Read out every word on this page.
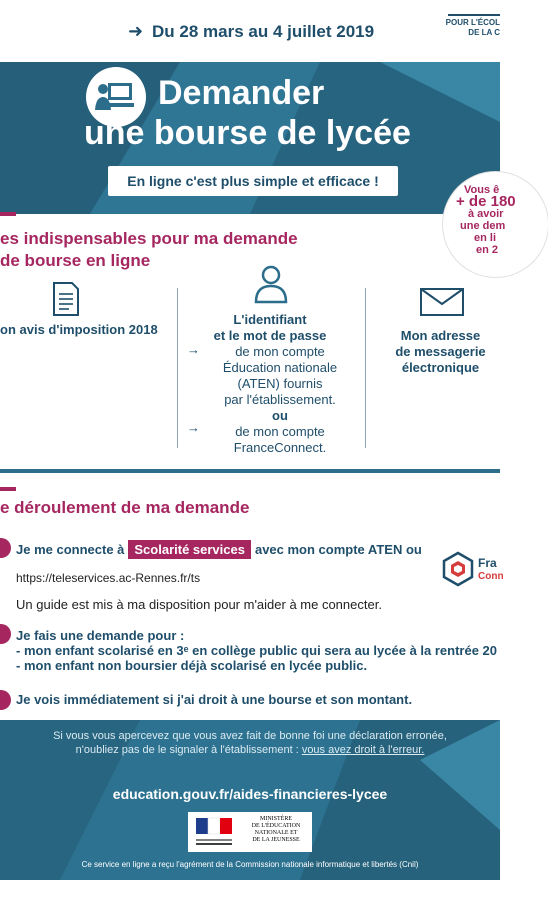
➜ Du 28 mars au 4 juillet 2019	POUR L'ÉCOL
DE LA C
Demander
une bourse de lycée
En ligne c'est plus simple et efficace !
Vous ê
+ de 180
à avoir
une dem
en li
en 2
es indispensables pour ma demande
de bourse en ligne
on avis d'imposition 2018
L'identifiant
et le mot de passe
→
→
de mon compte
Éducation nationale
(ATEN) fournis
par l'établissement.
ou
de mon compte
FranceConnect.
Mon adresse
de messagerie
électronique
e déroulement de ma demande
Je me connecte à Scolarité services avec mon compte ATEN ou
Fra
Conn
https://teleservices.ac-Rennes.fr/ts
Un guide est mis à ma disposition pour m'aider à me connecter.
Je fais une demande pour :
- mon enfant scolarisé en 3ᵉ en collège public qui sera au lycée à la rentrée 20
- mon enfant non boursier déjà scolarisé en lycée public.
Je vois immédiatement si j'ai droit à une bourse et son montant.
Si vous vous apercevez que vous avez fait de bonne foi une déclaration erronée,
n'oubliez pas de le signaler à l'établissement : vous avez droit à l'erreur.
education.gouv.fr/aides-financieres-lycee
MINISTÈRE
DE L'ÉDUCATION
NATIONALE ET
DE LA JEUNESSE
Ce service en ligne a reçu l'agrément de la Commission nationale informatique et libertés (Cnil)
